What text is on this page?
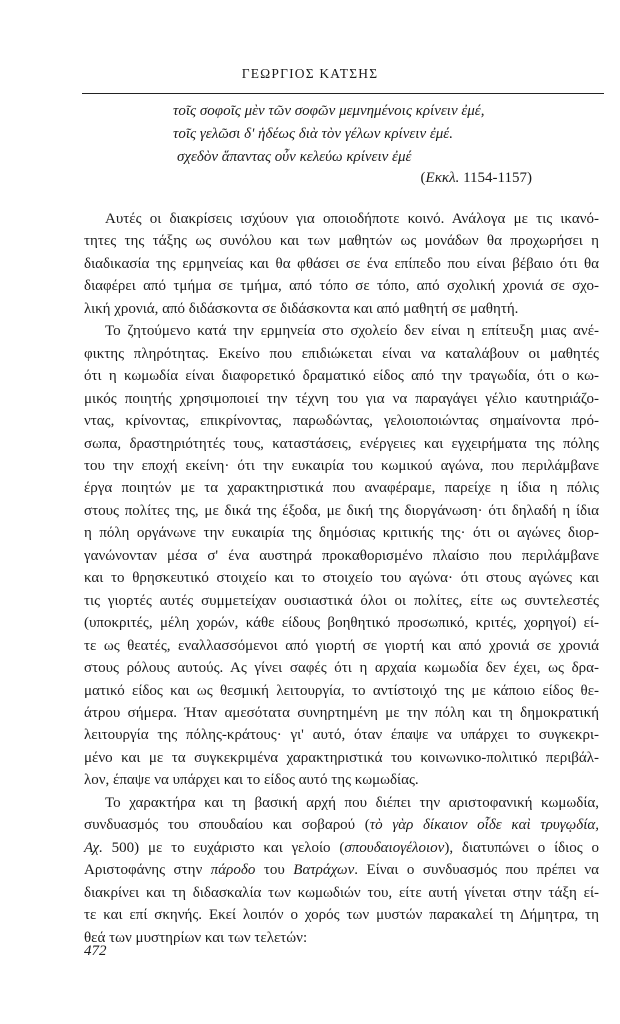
ΓΕΩΡΓΙΟΣ ΚΑΤΣΗΣ
τοῖς σοφοῖς μὲν τῶν σοφῶν μεμνημένοις κρίνειν ἐμέ,
τοῖς γελῶσι δ' ἡδέως διὰ τὸν γέλων κρίνειν ἐμέ.
σχεδὸν ἅπαντας οὖν κελεύω κρίνειν ἐμέ
(Εκκλ. 1154-1157)

Αυτές οι διακρίσεις ισχύουν για οποιοδήποτε κοινό. Ανάλογα με τις ικανό-
τητες της τάξης ως συνόλου και των μαθητών ως μονάδων θα προχωρήσει η
διαδικασία της ερμηνείας και θα φθάσει σε ένα επίπεδο που είναι βέβαιο ότι θα
διαφέρει από τμήμα σε τμήμα, από τόπο σε τόπο, από σχολική χρονιά σε σχο-
λική χρονιά, από διδάσκοντα σε διδάσκοντα και από μαθητή σε μαθητή.

Το ζητούμενο κατά την ερμηνεία στο σχολείο δεν είναι η επίτευξη μιας ανέ-
φικτης πληρότητας. Εκείνο που επιδιώκεται είναι να καταλάβουν οι μαθητές
ότι η κωμωδία είναι διαφορετικό δραματικό είδος από την τραγωδία, ότι ο κω-
μικός ποιητής χρησιμοποιεί την τέχνη του για να παραγάγει γέλιο καυτηριάζο-
ντας, κρίνοντας, επικρίνοντας, παρωδώντας, γελοιοποιώντας σημαίνοντα πρό-
σωπα, δραστηριότητές τους, καταστάσεις, ενέργειες και εγχειρήματα της πόλης
του την εποχή εκείνη· ότι την ευκαιρία του κωμικού αγώνα, που περιλάμβανε
έργα ποιητών με τα χαρακτηριστικά που αναφέραμε, παρείχε η ίδια η πόλις
στους πολίτες της, με δικά της έξοδα, με δική της διοργάνωση· ότι δηλαδή η ίδια
η πόλη οργάνωνε την ευκαιρία της δημόσιας κριτικής της· ότι οι αγώνες διορ-
γανώνονταν μέσα σ' ένα αυστηρά προκαθορισμένο πλαίσιο που περιλάμβανε
και το θρησκευτικό στοιχείο και το στοιχείο του αγώνα· ότι στους αγώνες και
τις γιορτές αυτές συμμετείχαν ουσιαστικά όλοι οι πολίτες, είτε ως συντελεστές
(υποκριτές, μέλη χορών, κάθε είδους βοηθητικό προσωπικό, κριτές, χορηγοί) εί-
τε ως θεατές, εναλλασσόμενοι από γιορτή σε γιορτή και από χρονιά σε χρονιά
στους ρόλους αυτούς. Ας γίνει σαφές ότι η αρχαία κωμωδία δεν έχει, ως δρα-
ματικό είδος και ως θεσμική λειτουργία, το αντίστοιχό της με κάποιο είδος θε-
άτρου σήμερα. Ήταν αμεσότατα συνηρτημένη με την πόλη και τη δημοκρατική
λειτουργία της πόλης-κράτους· γι' αυτό, όταν έπαψε να υπάρχει το συγκεκρι-
μένο και με τα συγκεκριμένα χαρακτηριστικά του κοινωνικο-πολιτικό περιβάλ-
λον, έπαψε να υπάρχει και το είδος αυτό της κωμωδίας.

Το χαρακτήρα και τη βασική αρχή που διέπει την αριστοφανική κωμωδία,
συνδυασμός του σπουδαίου και σοβαρού (τὸ γὰρ δίκαιον οἶδε καὶ τρυγῳδία,
Αχ. 500) με το ευχάριστο και γελοίο (σπουδαιογέλοιον), διατυπώνει ο ίδιος ο
Αριστοφάνης στην πάροδο του Βατράχων. Είναι ο συνδυασμός που πρέπει να
διακρίνει και τη διδασκαλία των κωμωδιών του, είτε αυτή γίνεται στην τάξη εί-
τε και επί σκηνής. Εκεί λοιπόν ο χορός των μυστών παρακαλεί τη Δήμητρα, τη
θεά των μυστηρίων και των τελετών:

472
